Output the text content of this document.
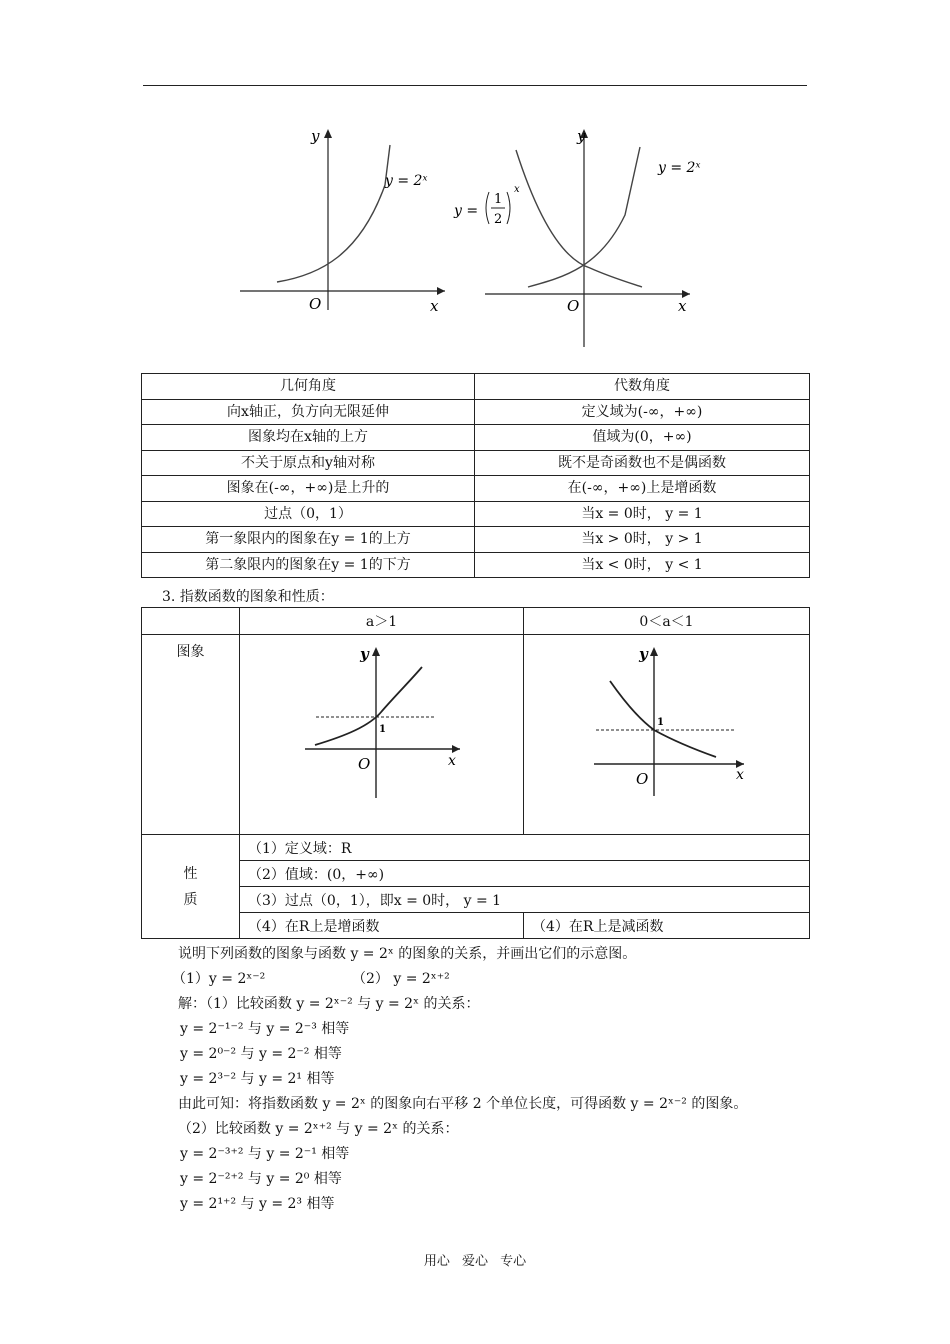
y
x
O
y = 2ˣ
y
x
O
y = 2ˣ
y =
1
2
x
几何角度	代数角度
向x轴正，负方向无限延伸	定义域为(-∞，+∞)
图象均在x轴的上方	值域为(0，+∞)
不关于原点和y轴对称	既不是奇函数也不是偶函数
图象在(-∞，+∞)是上升的	在(-∞，+∞)上是增函数
过点（0，1）	当x = 0时， y = 1
第一象限内的图象在y = 1的上方	当x > 0时， y > 1
第二象限内的图象在y = 1的下方	当x < 0时， y < 1
3. 指数函数的图象和性质：
	a＞1	0＜a＜1
图象	y
x
O
1	y
x
O
1

性
质	（1）定义域：R	
	（2）值域：(0，+∞)	
	（3）过点（0，1），即x = 0时， y = 1	
	（4）在R上是增函数	（4）在R上是减函数
说明下列函数的图象与函数 y = 2ˣ 的图象的关系，并画出它们的示意图。
（1）y = 2ˣ⁻²	（2） y = 2ˣ⁺²
解：（1）比较函数 y = 2ˣ⁻² 与 y = 2ˣ 的关系：
y = 2⁻¹⁻² 与 y = 2⁻³ 相等
y = 2⁰⁻² 与 y = 2⁻² 相等
y = 2³⁻² 与 y = 2¹ 相等
由此可知：将指数函数 y = 2ˣ 的图象向右平移 2 个单位长度，可得函数 y = 2ˣ⁻² 的图象。
（2）比较函数 y = 2ˣ⁺² 与 y = 2ˣ 的关系：
y = 2⁻³⁺² 与 y = 2⁻¹ 相等
y = 2⁻²⁺² 与 y = 2⁰ 相等
y = 2¹⁺² 与 y = 2³ 相等
用心 爱心 专心
